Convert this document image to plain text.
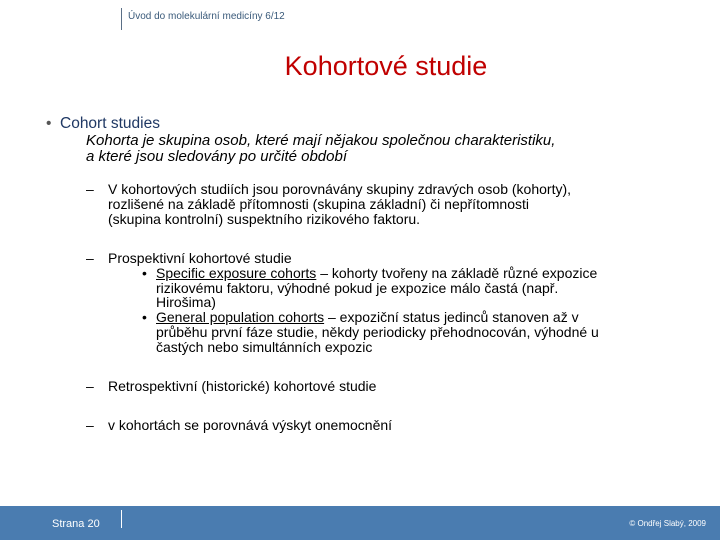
Úvod do molekulární medicíny 6/12
Kohortové studie
• Cohort studies
Kohorta je skupina osob, které mají nějakou společnou charakteristiku,
a které jsou sledovány po určité období
– V kohortových studiích jsou porovnávány skupiny zdravých osob (kohorty),
rozlišené na základě přítomnosti (skupina základní) či nepřítomnosti
(skupina kontrolní) suspektního rizikového faktoru.
– Prospektivní kohortové studie
• Specific exposure cohorts – kohorty tvořeny na základě různé expozice
rizikovému faktoru, výhodné pokud je expozice málo častá (např.
Hirošima)
• General population cohorts – expoziční status jedinců stanoven až v
průběhu první fáze studie, někdy periodicky přehodnocován, výhodné u
častých nebo simultánních expozic
– Retrospektivní (historické) kohortové studie
– v kohortách se porovnává výskyt onemocnění
Strana 20	© Ondřej Slabý, 2009
